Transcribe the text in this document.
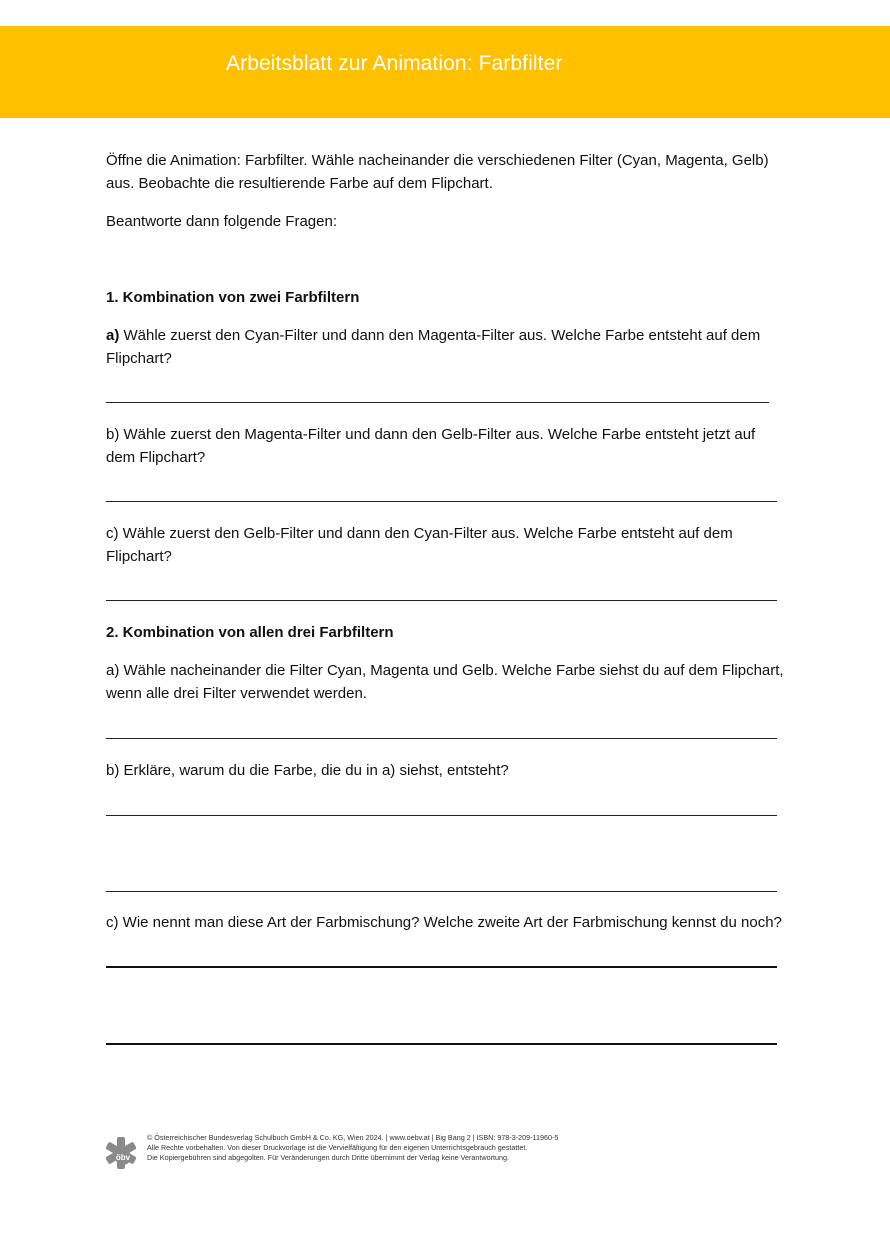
Arbeitsblatt zur Animation: Farbfilter
Öffne die Animation: Farbfilter. Wähle nacheinander die verschiedenen Filter (Cyan, Magenta, Gelb)
aus. Beobachte die resultierende Farbe auf dem Flipchart.
Beantworte dann folgende Fragen:
1. Kombination von zwei Farbfiltern
a) Wähle zuerst den Cyan-Filter und dann den Magenta-Filter aus. Welche Farbe entsteht auf dem
Flipchart?
b) Wähle zuerst den Magenta-Filter und dann den Gelb-Filter aus. Welche Farbe entsteht jetzt auf
dem Flipchart?
c) Wähle zuerst den Gelb-Filter und dann den Cyan-Filter aus. Welche Farbe entsteht auf dem
Flipchart?
2. Kombination von allen drei Farbfiltern
a) Wähle nacheinander die Filter Cyan, Magenta und Gelb. Welche Farbe siehst du auf dem Flipchart,
wenn alle drei Filter verwendet werden.
b) Erkläre, warum du die Farbe, die du in a) siehst, entsteht?
c) Wie nennt man diese Art der Farbmischung? Welche zweite Art der Farbmischung kennst du noch?
öbv
© Österreichischer Bundesverlag Schulbuch GmbH & Co. KG, Wien 2024. | www.oebv.at | Big Bang 2 | ISBN: 978-3-209-11960-5
Alle Rechte vorbehalten. Von dieser Druckvorlage ist die Vervielfältigung für den eigenen Unterrichtsgebrauch gestattet.
Die Kopiergebühren sind abgegolten. Für Veränderungen durch Dritte übernimmt der Verlag keine Verantwortung.
